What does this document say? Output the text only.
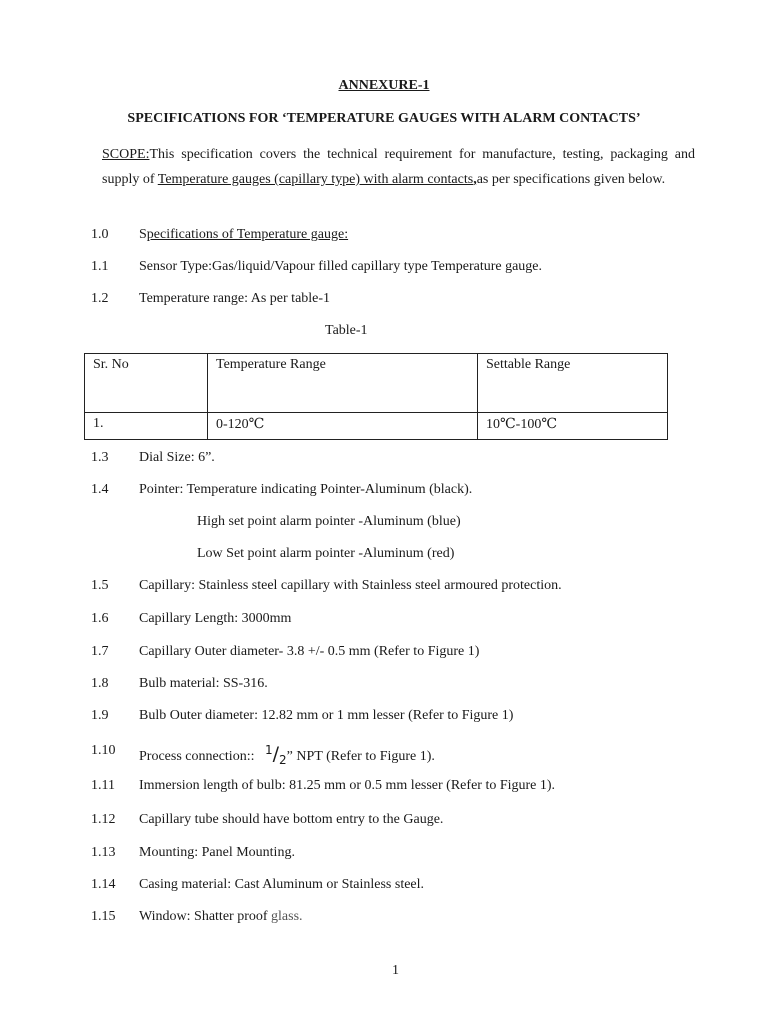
ANNEXURE-1
SPECIFICATIONS FOR ‘TEMPERATURE GAUGES WITH ALARM CONTACTS’
SCOPE:This specification covers the technical requirement for manufacture, testing, packaging and supply of Temperature gauges (capillary type) with alarm contacts,as per specifications given below.
1.0 Specifications of Temperature gauge:
1.1 Sensor Type:Gas/liquid/Vapour filled capillary type Temperature gauge.
1.2 Temperature range: As per table-1
Table-1
Sr. No	Temperature Range	Settable Range
1.	0-120℃	10℃-100℃
1.3 Dial Size: 6”.
1.4 Pointer: Temperature indicating Pointer-Aluminum (black).
High set point alarm pointer -Aluminum (blue)
Low Set point alarm pointer -Aluminum (red)
1.5 Capillary: Stainless steel capillary with Stainless steel armoured protection.
1.6 Capillary Length: 3000mm
1.7 Capillary Outer diameter- 3.8 +/- 0.5 mm (Refer to Figure 1)
1.8 Bulb material: SS-316.
1.9 Bulb Outer diameter: 12.82 mm or 1 mm lesser (Refer to Figure 1)
1.10 Process connection:: $^1/_2$” NPT (Refer to Figure 1).
1.11 Immersion length of bulb: 81.25 mm or 0.5 mm lesser (Refer to Figure 1).
1.12 Capillary tube should have bottom entry to the Gauge.
1.13 Mounting: Panel Mounting.
1.14 Casing material: Cast Aluminum or Stainless steel.
1.15 Window: Shatter proof glass.
1
